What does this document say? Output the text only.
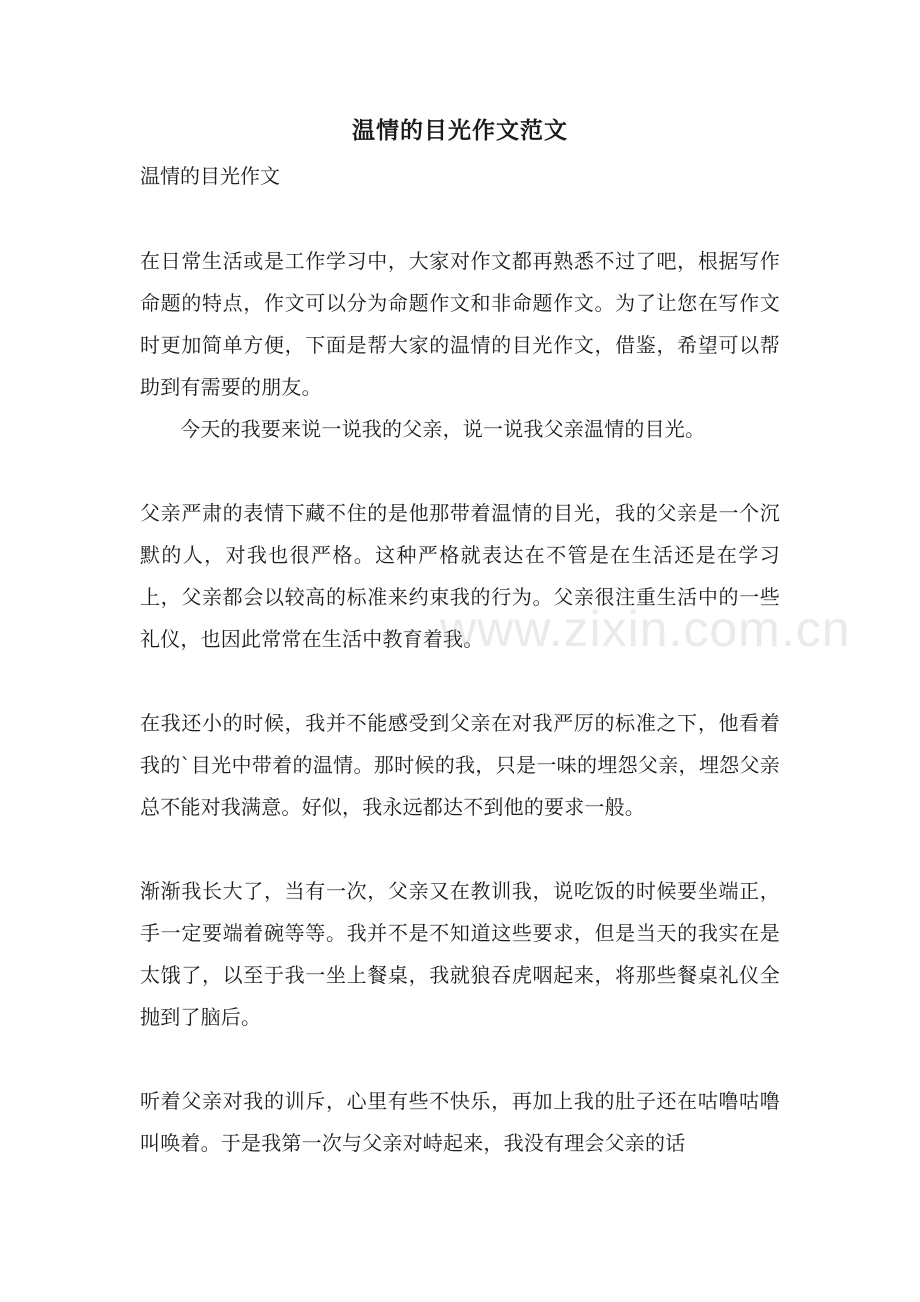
温情的目光作文范文
温情的目光作文
在日常生活或是工作学习中，大家对作文都再熟悉不过了吧，根据写作命题的特点，作文可以分为命题作文和非命题作文。为了让您在写作文时更加简单方便，下面是帮大家的温情的目光作文，借鉴，希望可以帮助到有需要的朋友。
今天的我要来说一说我的父亲，说一说我父亲温情的目光。
父亲严肃的表情下藏不住的是他那带着温情的目光，我的父亲是一个沉默的人，对我也很严格。这种严格就表达在不管是在生活还是在学习上，父亲都会以较高的标准来约束我的行为。父亲很注重生活中的一些礼仪，也因此常常在生活中教育着我。
在我还小的时候，我并不能感受到父亲在对我严厉的标准之下，他看着我的`目光中带着的温情。那时候的我，只是一味的埋怨父亲，埋怨父亲总不能对我满意。好似，我永远都达不到他的要求一般。
渐渐我长大了，当有一次，父亲又在教训我，说吃饭的时候要坐端正，手一定要端着碗等等。我并不是不知道这些要求，但是当天的我实在是太饿了，以至于我一坐上餐桌，我就狼吞虎咽起来，将那些餐桌礼仪全抛到了脑后。
听着父亲对我的训斥，心里有些不快乐，再加上我的肚子还在咕噜咕噜叫唤着。于是我第一次与父亲对峙起来，我没有理会父亲的话
www.zixin.com.cn
